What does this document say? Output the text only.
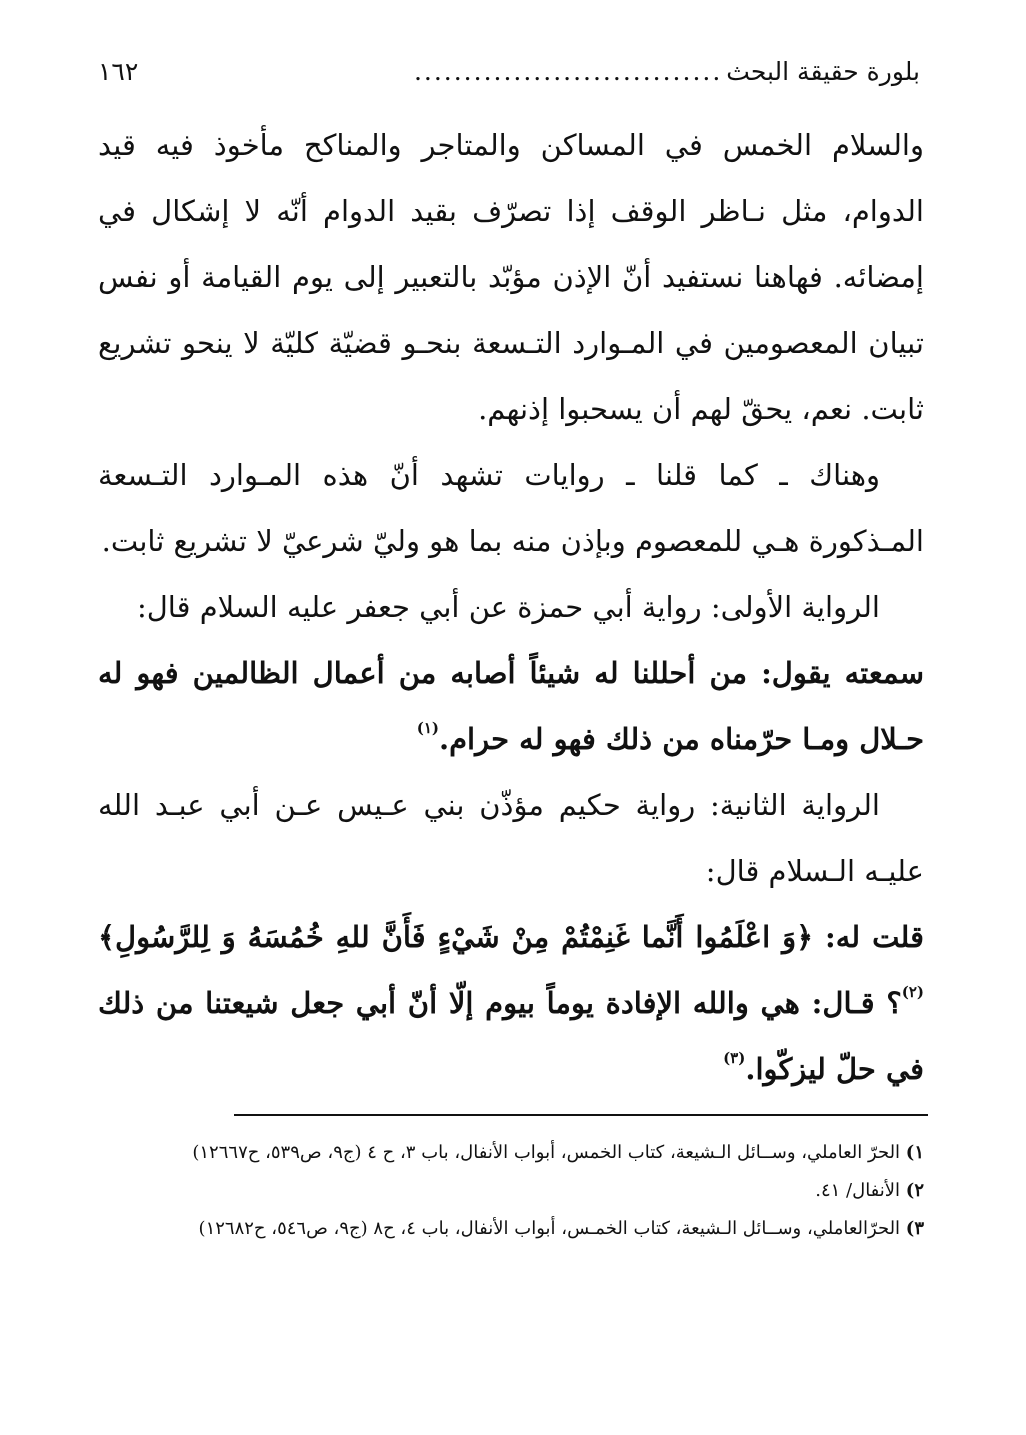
بلورة حقيقة البحث
...............................
١٦٢

والسلام الخمس في المساكن والمتاجر والمناكح مأخوذ فيه قيد الدوام، مثل نـاظر الوقف إذا تصرّف بقيد الدوام أنّه لا إشكال في إمضائه. فهاهنا نستفيد أنّ الإذن مؤبّد بالتعبير إلى يوم القيامة أو نفس تبيان المعصومين في المـوارد التـسعة بنحـو قضيّة كليّة لا ينحو تشريع ثابت. نعم، يحقّ لهم أن يسحبوا إذنهم.

وهناك ـ كما قلنا ـ روايات تشهد أنّ هذه المـوارد التـسعة المـذكورة هـي للمعصوم وبإذن منه بما هو وليّ شرعيّ لا تشريع ثابت.

الرواية الأولى: رواية أبي حمزة عن أبي جعفر عليه السلام قال:

سمعته يقول: من أحللنا له شيئاً أصابه من أعمال الظالمين فهو له حـلال ومـا حرّمناه من ذلك فهو له حرام.$^{(١)}$

الرواية الثانية: رواية حكيم مؤذّن بني عـيس عـن أبي عبـد الله عليـه الـسلام قال:

قلت له: ﴿وَ اعْلَمُوا أَنَّما غَنِمْتُمْ مِنْ شَيْءٍ فَأَنَّ للهِ خُمُسَهُ وَ لِلرَّسُولِ﴾$^{(٢)}$؟ قـال: هي والله الإفادة يوماً بيوم إلّا أنّ أبي جعل شيعتنا من ذلك في حلّ ليزكّوا.$^{(٣)}$

١) الحرّ العاملي، وســائل الـشيعة، كتاب الخمس، أبواب الأنفال، باب ٣، ح ٤ (ج٩، ص٥٣٩، ح١٢٦٦٧)
٢) الأنفال/ ٤١.
٣) الحرّالعاملي، وســائل الـشيعة، كتاب الخمـس، أبواب الأنفال، باب ٤، ح٨ (ج٩، ص٥٤٦، ح١٢٦٨٢)
